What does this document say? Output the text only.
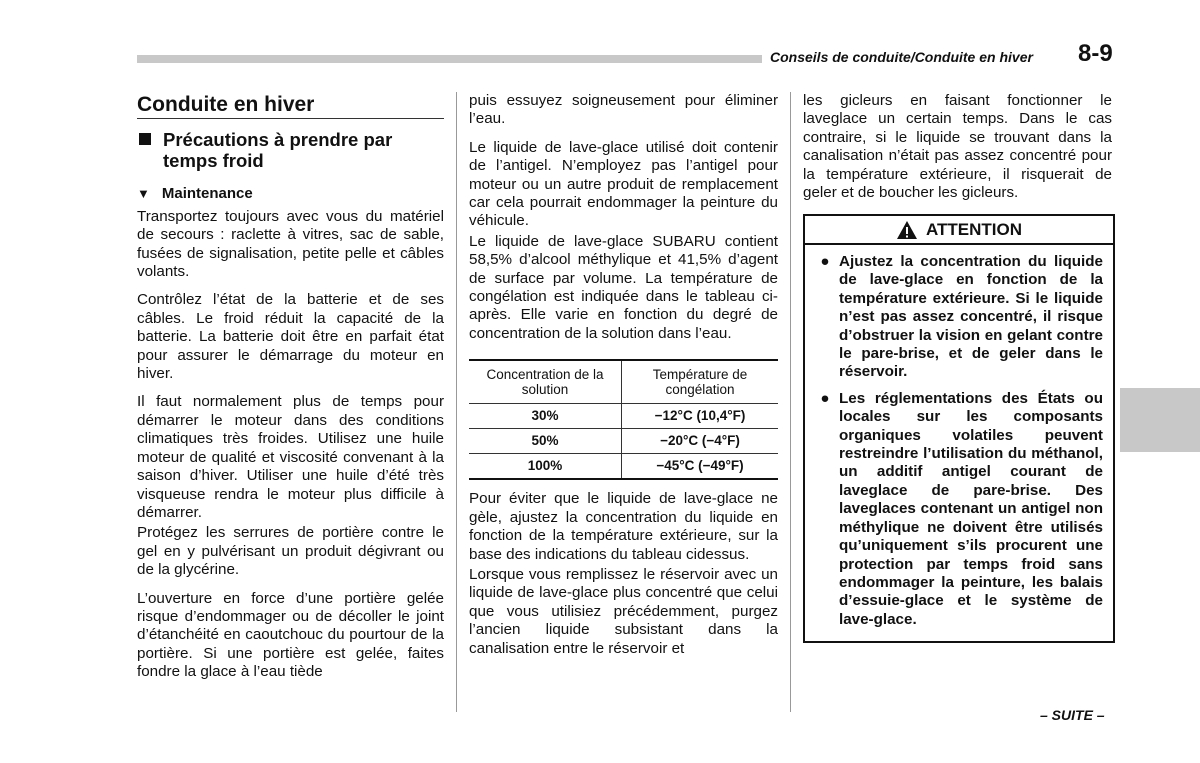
Conseils de conduite/Conduite en hiver 8-9
Conduite en hiver
Précautions à prendre par temps froid
▼ Maintenance

Transportez toujours avec vous du matériel de secours : raclette à vitres, sac de sable, fusées de signalisation, petite pelle et câbles volants.

Contrôlez l’état de la batterie et de ses câbles. Le froid réduit la capacité de la batterie. La batterie doit être en parfait état pour assurer le démarrage du moteur en hiver.

Il faut normalement plus de temps pour démarrer le moteur dans des conditions climatiques très froides. Utilisez une huile moteur de qualité et viscosité convenant à la saison d’hiver. Utiliser une huile d’été très visqueuse rendra le moteur plus difficile à démarrer.

Protégez les serrures de portière contre le gel en y pulvérisant un produit dégivrant ou de la glycérine.

L’ouverture en force d’une portière gelée risque d’endommager ou de décoller le joint d’étanchéité en caoutchouc du pourtour de la portière. Si une portière est gelée, faites fondre la glace à l’eau tiède

puis essuyez soigneusement pour éliminer l’eau.

Le liquide de lave-glace utilisé doit contenir de l’antigel. N’employez pas l’antigel pour moteur ou un autre produit de remplacement car cela pourrait endommager la peinture du véhicule.

Le liquide de lave-glace SUBARU contient 58,5% d’alcool méthylique et 41,5% d’agent de surface par volume. La température de congélation est indiquée dans le tableau ci-après. Elle varie en fonction du degré de concentration de la solution dans l’eau.

Concentration de la solution	Température de congélation
30%	−12°C (10,4°F)
50%	−20°C (−4°F)
100%	−45°C (−49°F)

Pour éviter que le liquide de lave-glace ne gèle, ajustez la concentration du liquide en fonction de la température extérieure, sur la base des indications du tableau cidessus.

Lorsque vous remplissez le réservoir avec un liquide de lave-glace plus concentré que celui que vous utilisiez précédemment, purgez l’ancien liquide subsistant dans la canalisation entre le réservoir et

les gicleurs en faisant fonctionner le laveglace un certain temps. Dans le cas contraire, si le liquide se trouvant dans la canalisation n’était pas assez concentré pour la température extérieure, il risquerait de geler et de boucher les gicleurs.

ATTENTION
● Ajustez la concentration du liquide de lave-glace en fonction de la température extérieure. Si le liquide n’est pas assez concentré, il risque d’obstruer la vision en gelant contre le pare-brise, et de geler dans le réservoir.
● Les réglementations des États ou locales sur les composants organiques volatiles peuvent restreindre l’utilisation du méthanol, un additif antigel courant de laveglace de pare-brise. Des laveglaces contenant un antigel non méthylique ne doivent être utilisés qu’uniquement s’ils procurent une protection par temps froid sans endommager la peinture, les balais d’essuie-glace et le système de lave-glace.
– SUITE –
